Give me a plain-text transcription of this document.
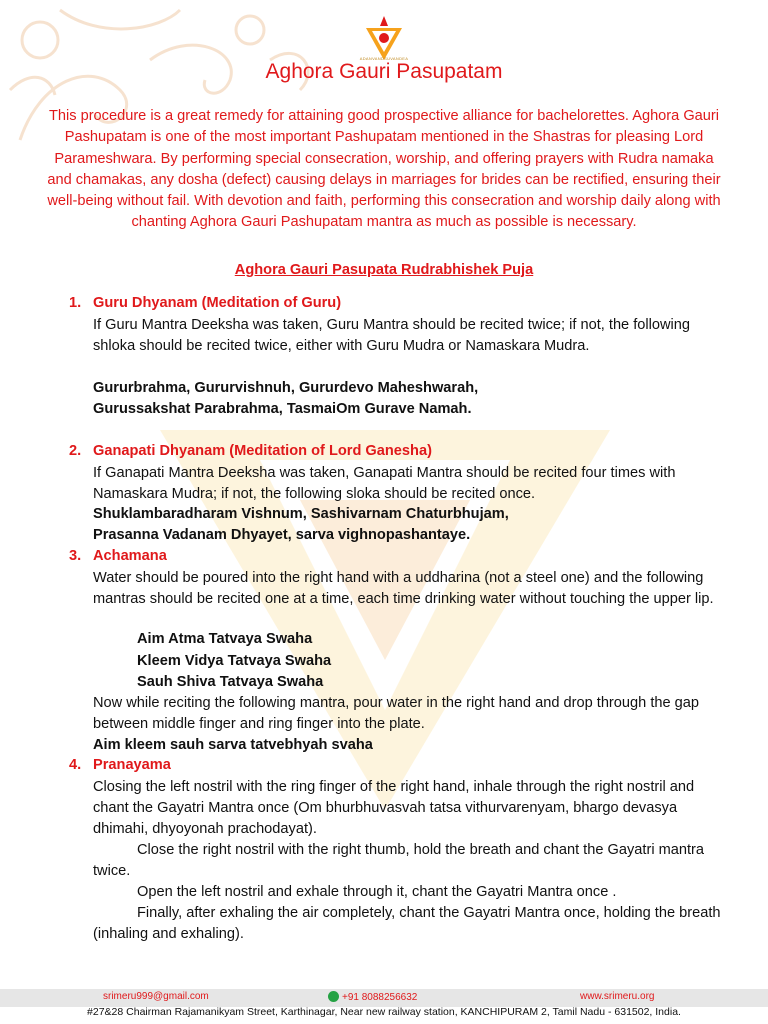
ADANVANDSUVANDEA
Aghora Gauri Pasupatam
This procedure is a great remedy for attaining good prospective alliance for bachelorettes. Aghora Gauri Pashupatam is one of the most important Pashupatam mentioned in the Shastras for pleasing Lord Parameshwara. By performing special consecration, worship, and offering prayers with Rudra namaka and chamakas, any dosha (defect) causing delays in marriages for brides can be rectified, ensuring their well-being without fail. With devotion and faith, performing this consecration and worship daily along with chanting Aghora Gauri Pashupatam mantra as much as possible is necessary.
Aghora Gauri Pasupata Rudrabhishek Puja
1. Guru Dhyanam (Meditation of Guru)
If Guru Mantra Deeksha was taken, Guru Mantra should be recited twice; if not, the following shloka should be recited twice, either with Guru Mudra or Namaskara Mudra.
Gururbrahma, Gururvishnuh, Gururdevo Maheshwarah,
Gurussakshat Parabrahma, TasmaiOm Gurave Namah.
2. Ganapati Dhyanam (Meditation of Lord Ganesha)
If Ganapati Mantra Deeksha was taken, Ganapati Mantra should be recited four times with Namaskara Mudra; if not, the following sloka should be recited once.
Shuklambaradharam Vishnum, Sashivarnam Chaturbhujam,
Prasanna Vadanam Dhyayet, sarva vighnopashantaye.
3. Achamana
Water should be poured into the right hand with a uddharina (not a steel one) and the following mantras should be recited one at a time, each time drinking water without touching the upper lip.
Aim Atma Tatvaya Swaha
Kleem Vidya Tatvaya Swaha
Sauh Shiva Tatvaya Swaha
Now while reciting the following mantra, pour water in the right hand and drop through the gap between middle finger and ring finger into the plate.
Aim kleem sauh sarva tatvebhyah svaha
4. Pranayama
Closing the left nostril with the ring finger of the right hand, inhale through the right nostril and chant the Gayatri Mantra once (Om bhurbhuvasvah tatsa vithurvarenyam, bhargo devasya dhimahi, dhyoyonah prachodayat).
Close the right nostril with the right thumb, hold the breath and chant the Gayatri mantra twice.
Open the left nostril and exhale through it, chant the Gayatri Mantra once .
Finally, after exhaling the air completely, chant the Gayatri Mantra once, holding the breath (inhaling and exhaling).
srimeru999@gmail.com	+91 8088256632	www.srimeru.org
#27&28 Chairman Rajamanikyam Street, Karthinagar, Near new railway station, KANCHIPURAM 2, Tamil Nadu - 631502, India.
